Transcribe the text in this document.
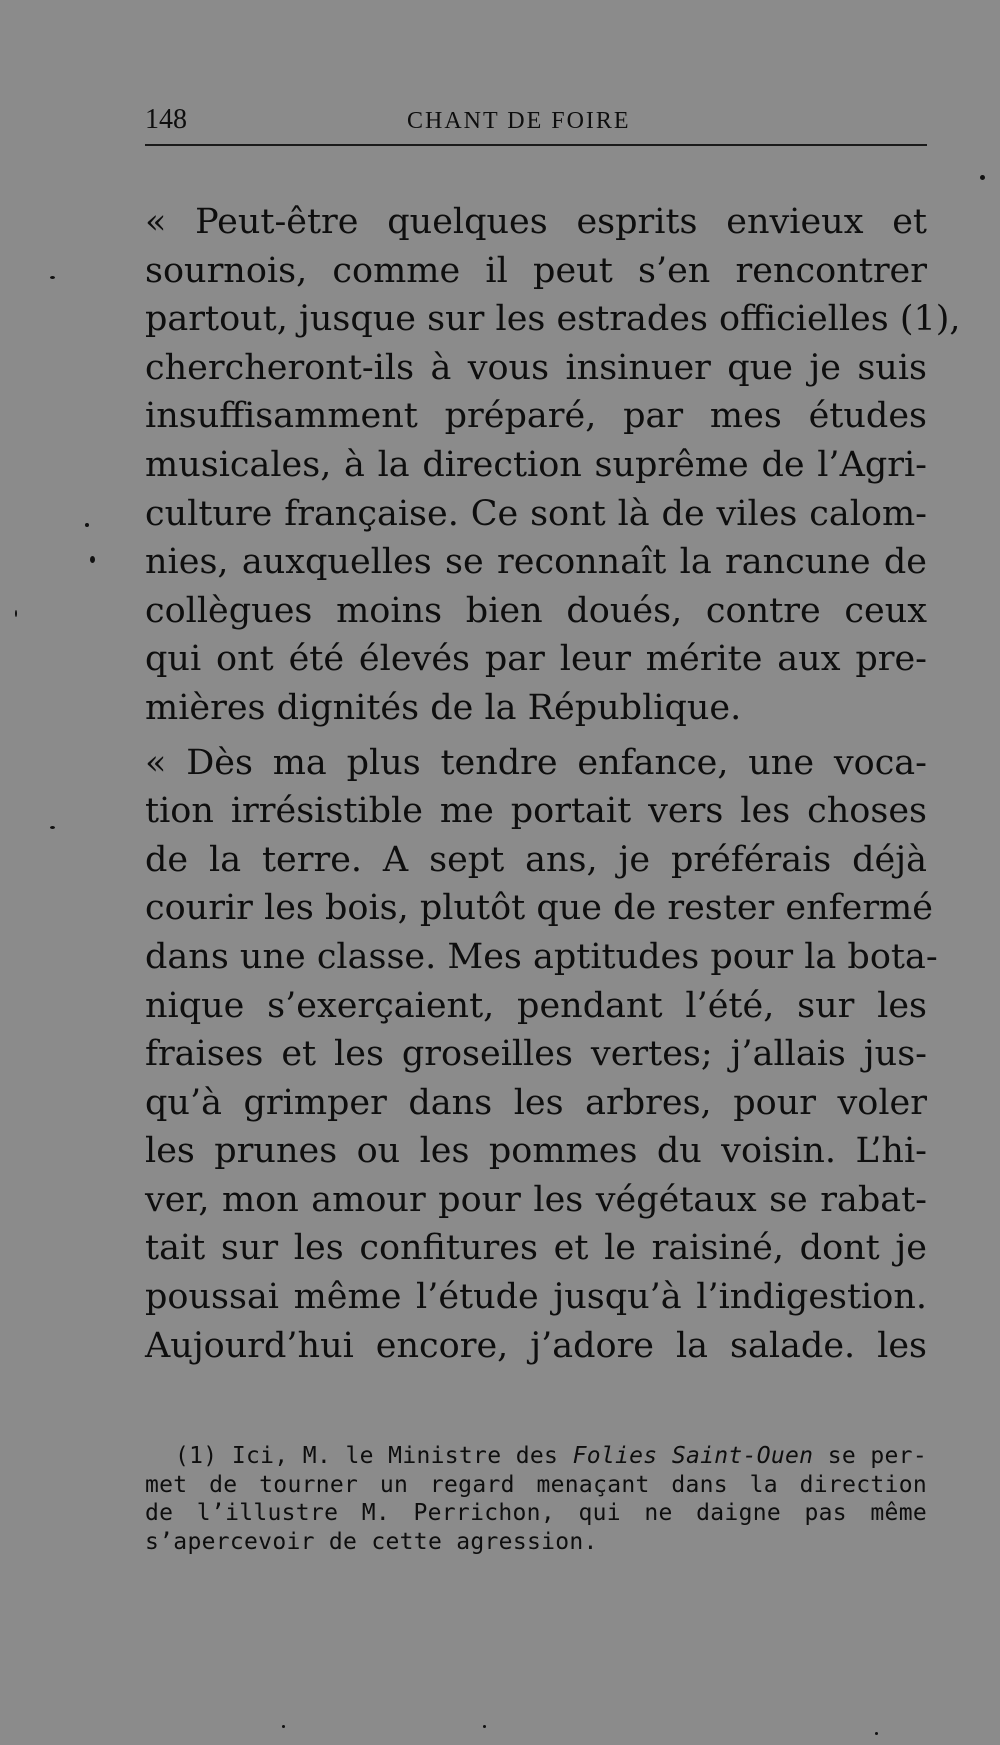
148	CHANT DE FOIRE
« Peut-être quelques esprits envieux et
sournois, comme il peut s’en rencontrer
partout, jusque sur les estrades officielles (1),
chercheront-ils à vous insinuer que je suis
insuffisamment préparé, par mes études
musicales, à la direction suprême de l’Agri-
culture française. Ce sont là de viles calom-
nies, auxquelles se reconnaît la rancune de
collègues moins bien doués, contre ceux
qui ont été élevés par leur mérite aux pre-
mières dignités de la République.
« Dès ma plus tendre enfance, une voca-
tion irrésistible me portait vers les choses
de la terre. A sept ans, je préférais déjà
courir les bois, plutôt que de rester enfermé
dans une classe. Mes aptitudes pour la bota-
nique s’exerçaient, pendant l’été, sur les
fraises et les groseilles vertes; j’allais jus-
qu’à grimper dans les arbres, pour voler
les prunes ou les pommes du voisin. L’hi-
ver, mon amour pour les végétaux se rabat-
tait sur les confitures et le raisiné, dont je
poussai même l’étude jusqu’à l’indigestion.
Aujourd’hui encore, j’adore la salade. les
(1) Ici, M. le Ministre des Folies Saint-Ouen se per-
met de tourner un regard menaçant dans la direction
de l’illustre M. Perrichon, qui ne daigne pas même
s’apercevoir de cette agression.
